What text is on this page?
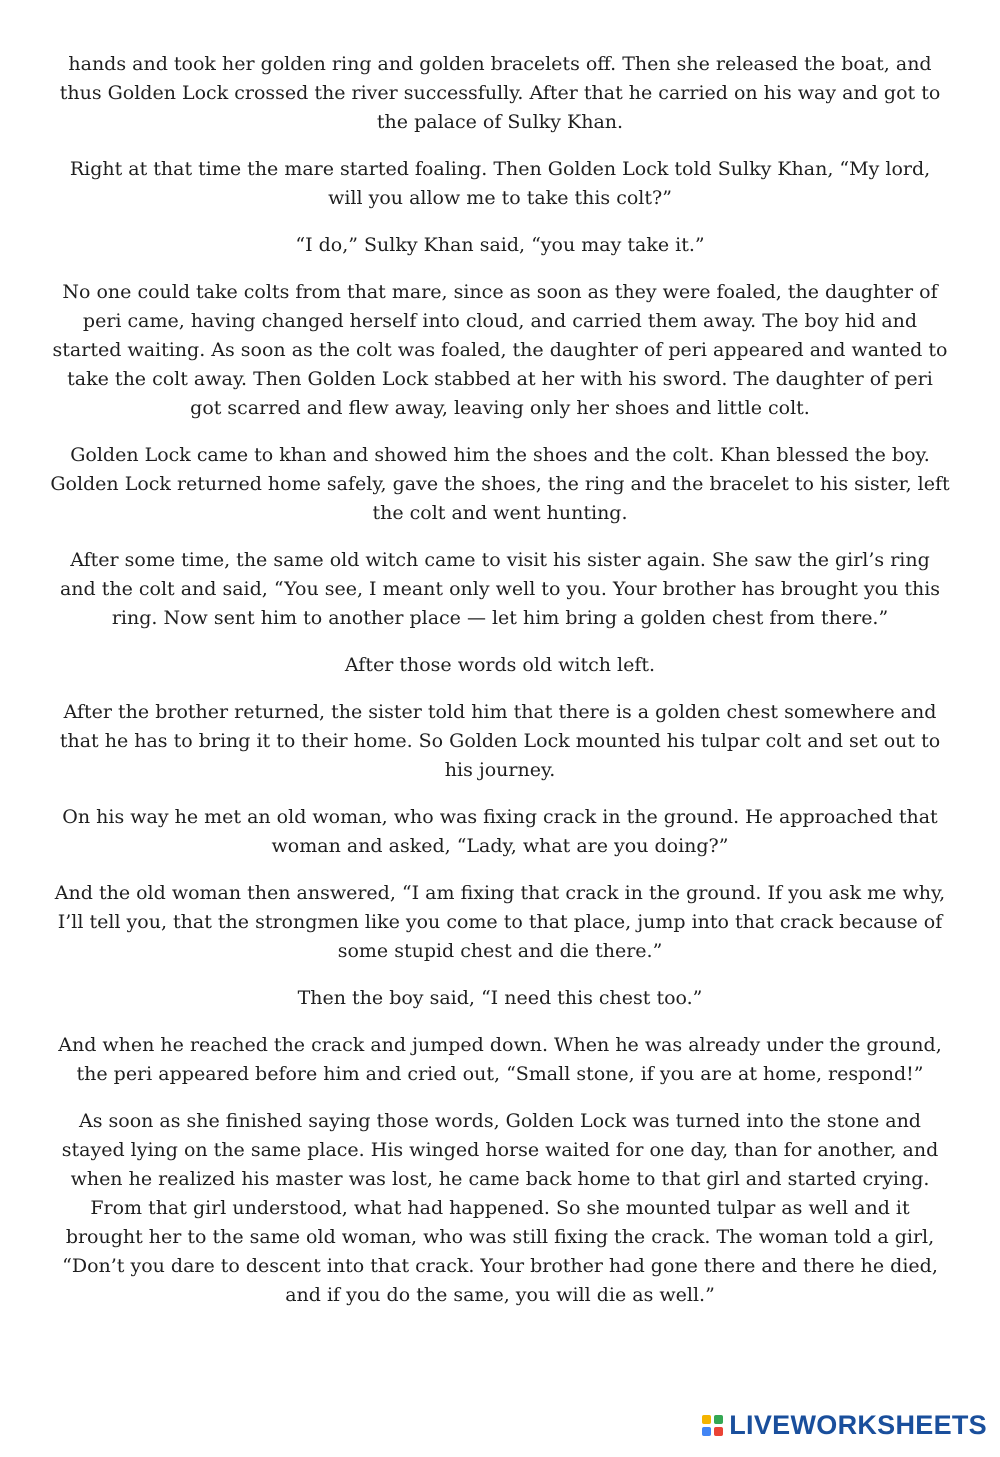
hands and took her golden ring and golden bracelets off. Then she released the boat, and thus Golden Lock crossed the river successfully. After that he carried on his way and got to the palace of Sulky Khan.

Right at that time the mare started foaling. Then Golden Lock told Sulky Khan, “My lord, will you allow me to take this colt?”

“I do,” Sulky Khan said, “you may take it.”

No one could take colts from that mare, since as soon as they were foaled, the daughter of peri came, having changed herself into cloud, and carried them away. The boy hid and started waiting. As soon as the colt was foaled, the daughter of peri appeared and wanted to take the colt away. Then Golden Lock stabbed at her with his sword. The daughter of peri got scarred and flew away, leaving only her shoes and little colt.

Golden Lock came to khan and showed him the shoes and the colt. Khan blessed the boy. Golden Lock returned home safely, gave the shoes, the ring and the bracelet to his sister, left the colt and went hunting.

After some time, the same old witch came to visit his sister again. She saw the girl’s ring and the colt and said, “You see, I meant only well to you. Your brother has brought you this ring. Now sent him to another place — let him bring a golden chest from there.”

After those words old witch left.

After the brother returned, the sister told him that there is a golden chest somewhere and that he has to bring it to their home. So Golden Lock mounted his tulpar colt and set out to his journey.

On his way he met an old woman, who was fixing crack in the ground. He approached that woman and asked, “Lady, what are you doing?”

And the old woman then answered, “I am fixing that crack in the ground. If you ask me why, I’ll tell you, that the strongmen like you come to that place, jump into that crack because of some stupid chest and die there.”

Then the boy said, “I need this chest too.”

And when he reached the crack and jumped down. When he was already under the ground, the peri appeared before him and cried out, “Small stone, if you are at home, respond!”

As soon as she finished saying those words, Golden Lock was turned into the stone and stayed lying on the same place. His winged horse waited for one day, than for another, and when he realized his master was lost, he came back home to that girl and started crying. From that girl understood, what had happened. So she mounted tulpar as well and it brought her to the same old woman, who was still fixing the crack. The woman told a girl, “Don’t you dare to descent into that crack. Your brother had gone there and there he died, and if you do the same, you will die as well.”

LIVEWORKSHEETS
